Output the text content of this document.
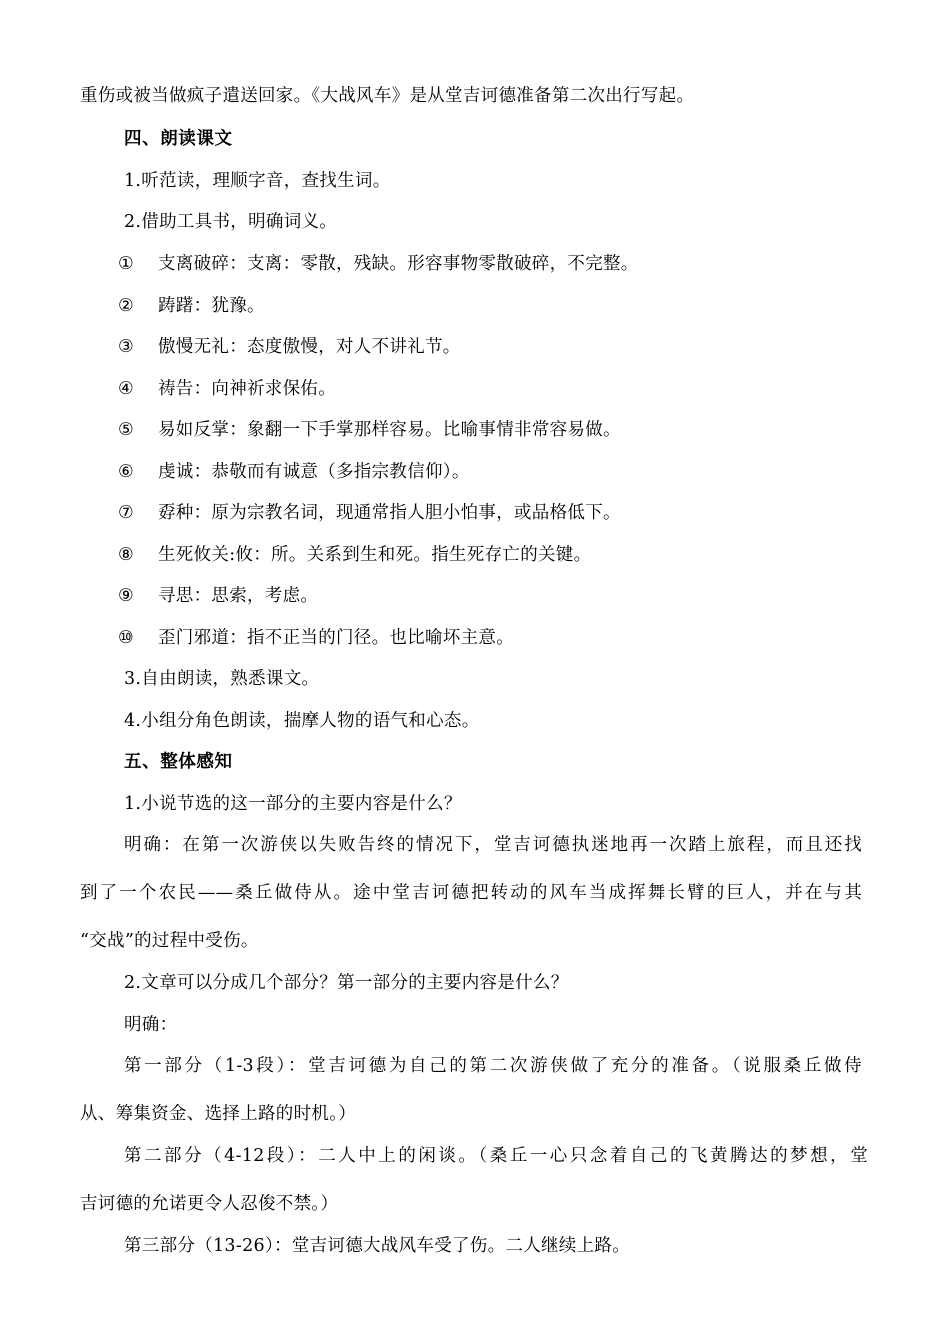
重伤或被当做疯子遣送回家。《大战风车》是从堂吉诃德准备第二次出行写起。
四、朗读课文
1.听范读，理顺字音，查找生词。
2.借助工具书，明确词义。
① 支离破碎：支离：零散，残缺。形容事物零散破碎，不完整。
② 踌躇：犹豫。
③ 傲慢无礼：态度傲慢，对人不讲礼节。
④ 祷告：向神祈求保佑。
⑤ 易如反掌：象翻一下手掌那样容易。比喻事情非常容易做。
⑥ 虔诚：恭敬而有诚意（多指宗教信仰）。
⑦ 孬种：原为宗教名词，现通常指人胆小怕事，或品格低下。
⑧ 生死攸关:攸：所。关系到生和死。指生死存亡的关键。
⑨ 寻思：思索，考虑。
⑩ 歪门邪道：指不正当的门径。也比喻坏主意。
3.自由朗读，熟悉课文。
4.小组分角色朗读，揣摩人物的语气和心态。
五、整体感知
1.小说节选的这一部分的主要内容是什么？
明确：在第一次游侠以失败告终的情况下，堂吉诃德执迷地再一次踏上旅程，而且还找
到了一个农民——桑丘做侍从。途中堂吉诃德把转动的风车当成挥舞长臂的巨人，并在与其
“交战”的过程中受伤。
2.文章可以分成几个部分？第一部分的主要内容是什么？
明确：
第一部分（1-3段）：堂吉诃德为自己的第二次游侠做了充分的准备。（说服桑丘做侍
从、筹集资金、选择上路的时机。）
第二部分（4-12段）：二人中上的闲谈。（桑丘一心只念着自己的飞黄腾达的梦想，堂
吉诃德的允诺更令人忍俊不禁。）
第三部分（13-26）：堂吉诃德大战风车受了伤。二人继续上路。
